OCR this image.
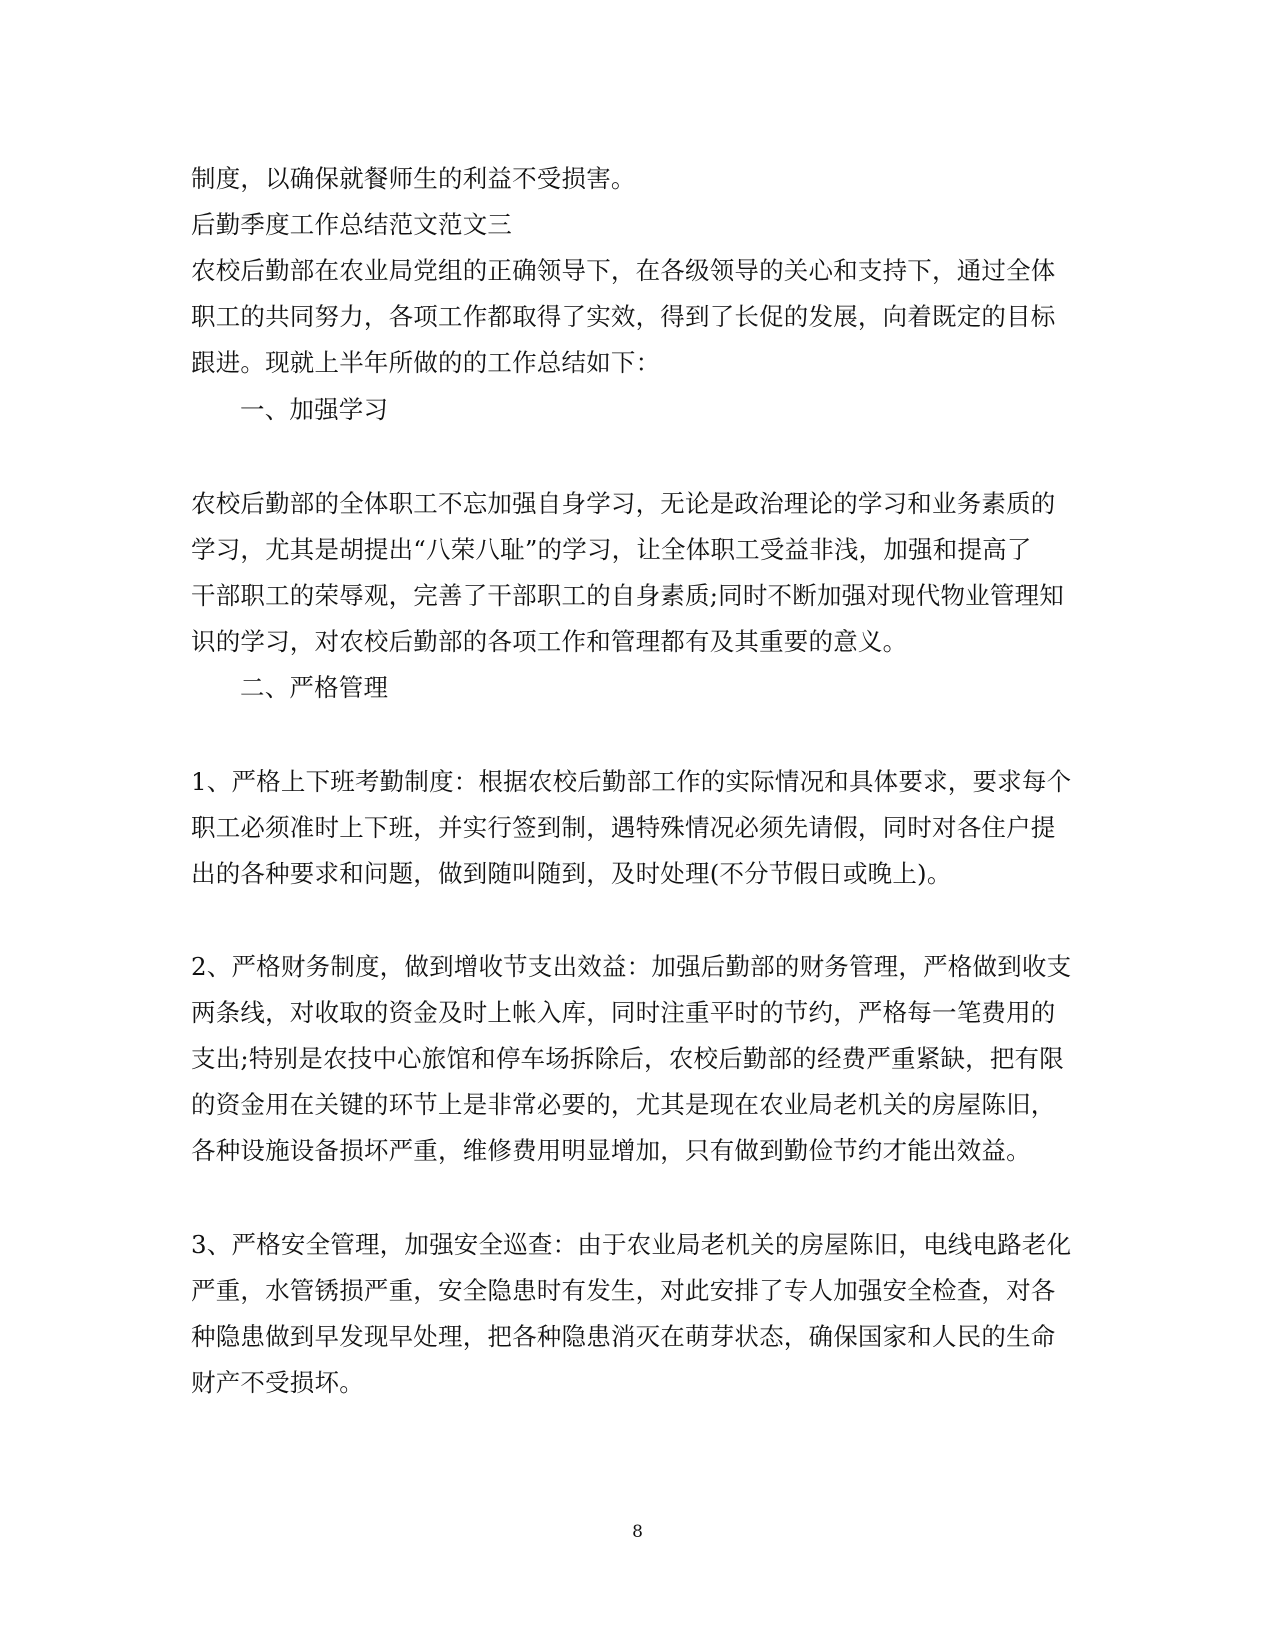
制度，以确保就餐师生的利益不受损害。
后勤季度工作总结范文范文三
农校后勤部在农业局党组的正确领导下，在各级领导的关心和支持下，通过全体
职工的共同努力，各项工作都取得了实效，得到了长促的发展，向着既定的目标
跟进。现就上半年所做的的工作总结如下：
一、加强学习
农校后勤部的全体职工不忘加强自身学习，无论是政治理论的学习和业务素质的
学习，尤其是胡提出“八荣八耻”的学习，让全体职工受益非浅，加强和提高了
干部职工的荣辱观，完善了干部职工的自身素质;同时不断加强对现代物业管理知
识的学习，对农校后勤部的各项工作和管理都有及其重要的意义。
二、严格管理
1、严格上下班考勤制度：根据农校后勤部工作的实际情况和具体要求，要求每个
职工必须准时上下班，并实行签到制，遇特殊情况必须先请假，同时对各住户提
出的各种要求和问题，做到随叫随到，及时处理(不分节假日或晚上)。
2、严格财务制度，做到增收节支出效益：加强后勤部的财务管理，严格做到收支
两条线，对收取的资金及时上帐入库，同时注重平时的节约，严格每一笔费用的
支出;特别是农技中心旅馆和停车场拆除后，农校后勤部的经费严重紧缺，把有限
的资金用在关键的环节上是非常必要的，尤其是现在农业局老机关的房屋陈旧，
各种设施设备损坏严重，维修费用明显增加，只有做到勤俭节约才能出效益。
3、严格安全管理，加强安全巡查：由于农业局老机关的房屋陈旧，电线电路老化
严重，水管锈损严重，安全隐患时有发生，对此安排了专人加强安全检查，对各
种隐患做到早发现早处理，把各种隐患消灭在萌芽状态，确保国家和人民的生命
财产不受损坏。
8
